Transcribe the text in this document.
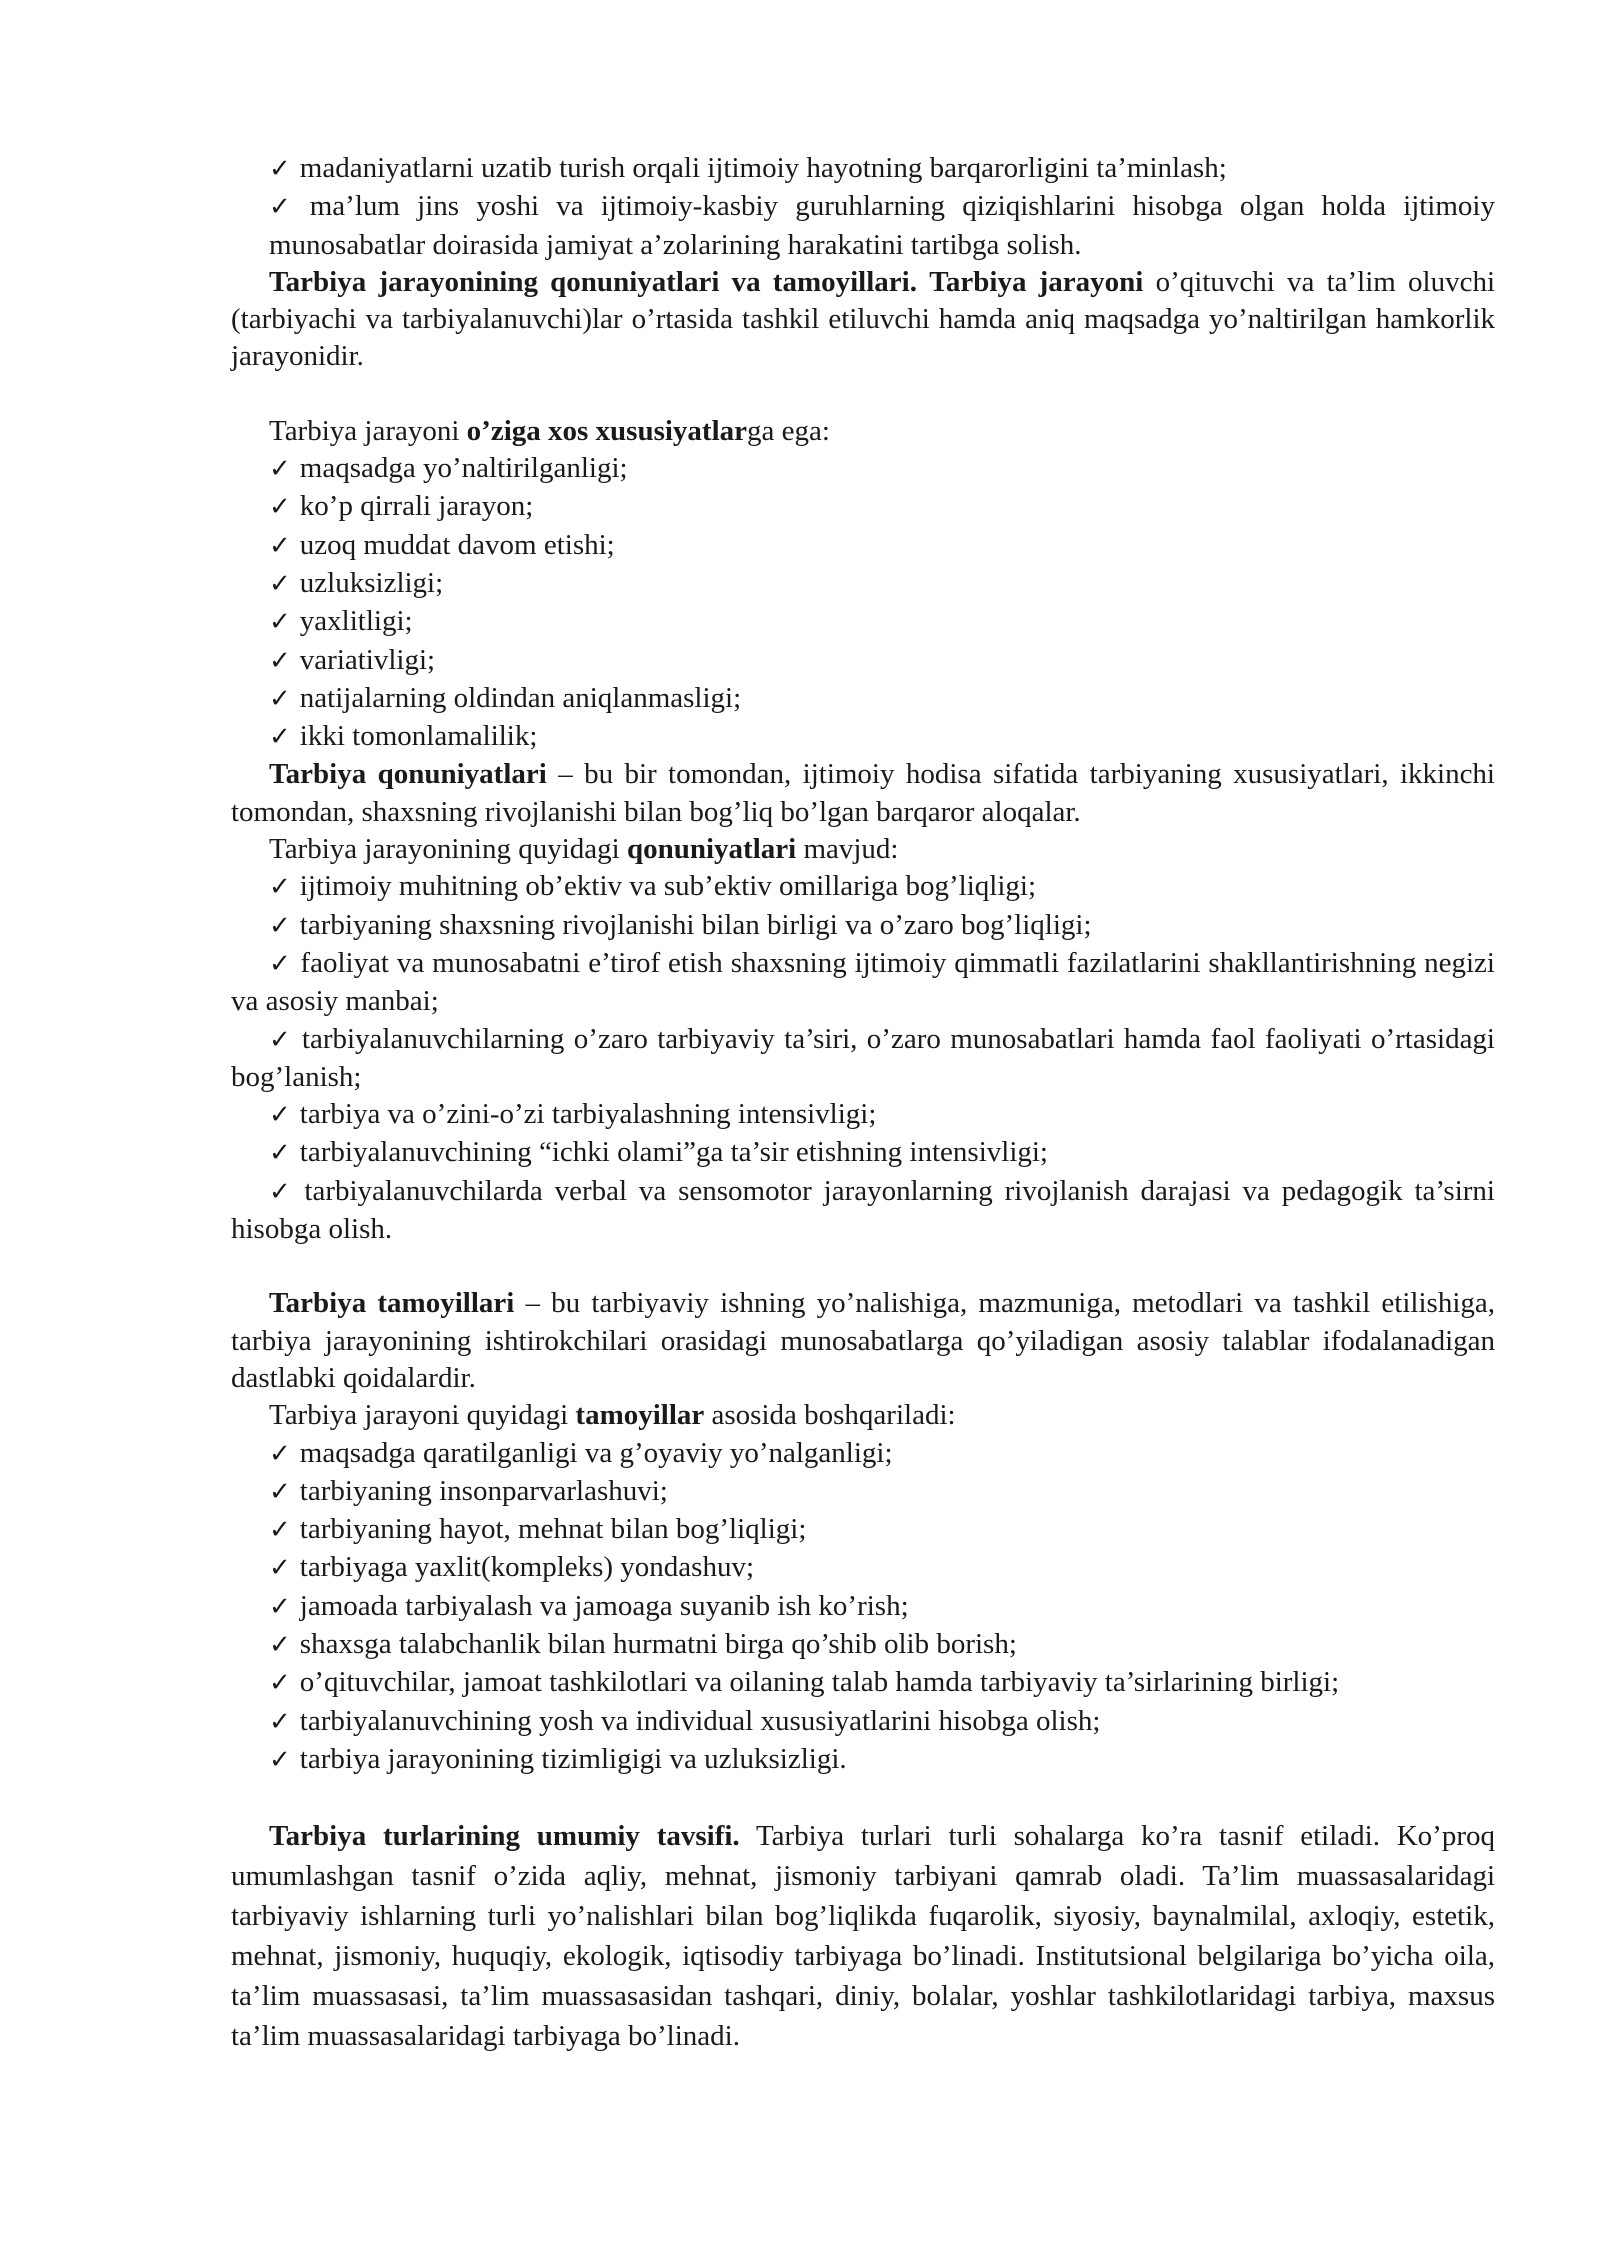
✓ madaniyatlarni uzatib turish orqali ijtimoiy hayotning barqarorligini ta’minlash;

✓ ma’lum jins yoshi va ijtimoiy-kasbiy guruhlarning qiziqishlarini hisobga olgan holda ijtimoiy munosabatlar doirasida jamiyat a’zolarining harakatini tartibga solish.

Tarbiya jarayonining qonuniyatlari va tamoyillari. Tarbiya jarayoni o’qituvchi va ta’lim oluvchi (tarbiyachi va tarbiyalanuvchi)lar o’rtasida tashkil etiluvchi hamda aniq maqsadga yo’naltirilgan hamkorlik jarayonidir.

Tarbiya jarayoni o’ziga xos xususiyatlarga ega:

✓ maqsadga yo’naltirilganligi;

✓ ko’p qirrali jarayon;

✓ uzoq muddat davom etishi;

✓ uzluksizligi;

✓ yaxlitligi;

✓ variativligi;

✓ natijalarning oldindan aniqlanmasligi;

✓ ikki tomonlamalilik;

Tarbiya qonuniyatlari – bu bir tomondan, ijtimoiy hodisa sifatida tarbiyaning xususiyatlari, ikkinchi tomondan, shaxsning rivojlanishi bilan bog’liq bo’lgan barqaror aloqalar.

Tarbiya jarayonining quyidagi qonuniyatlari mavjud:

✓ ijtimoiy muhitning ob’ektiv va sub’ektiv omillariga bog’liqligi;

✓ tarbiyaning shaxsning rivojlanishi bilan birligi va o’zaro bog’liqligi;

✓ faoliyat va munosabatni e’tirof etish shaxsning ijtimoiy qimmatli fazilatlarini shakllantirishning negizi va asosiy manbai;

✓ tarbiyalanuvchilarning o’zaro tarbiyaviy ta’siri, o’zaro munosabatlari hamda faol faoliyati o’rtasidagi bog’lanish;

✓ tarbiya va o’zini-o’zi tarbiyalashning intensivligi;

✓ tarbiyalanuvchining “ichki olami”ga ta’sir etishning intensivligi;

✓ tarbiyalanuvchilarda verbal va sensomotor jarayonlarning rivojlanish darajasi va pedagogik ta’sirni hisobga olish.

Tarbiya tamoyillari – bu tarbiyaviy ishning yo’nalishiga, mazmuniga, metodlari va tashkil etilishiga, tarbiya jarayonining ishtirokchilari orasidagi munosabatlarga qo’yiladigan asosiy talablar ifodalanadigan dastlabki qoidalardir.

Tarbiya jarayoni quyidagi tamoyillar asosida boshqariladi:

✓ maqsadga qaratilganligi va g’oyaviy yo’nalganligi;

✓ tarbiyaning insonparvarlashuvi;

✓ tarbiyaning hayot, mehnat bilan bog’liqligi;

✓ tarbiyaga yaxlit(kompleks) yondashuv;

✓ jamoada tarbiyalash va jamoaga suyanib ish ko’rish;

✓ shaxsga talabchanlik bilan hurmatni birga qo’shib olib borish;

✓ o’qituvchilar, jamoat tashkilotlari va oilaning talab hamda tarbiyaviy ta’sirlarining birligi;

✓ tarbiyalanuvchining yosh va individual xususiyatlarini hisobga olish;

✓ tarbiya jarayonining tizimligigi va uzluksizligi.

Tarbiya turlarining umumiy tavsifi. Tarbiya turlari turli sohalarga ko’ra tasnif etiladi. Ko’proq umumlashgan tasnif o’zida aqliy, mehnat, jismoniy tarbiyani qamrab oladi. Ta’lim muassasalaridagi tarbiyaviy ishlarning turli yo’nalishlari bilan bog’liqlikda fuqarolik, siyosiy, baynalmilal, axloqiy, estetik, mehnat, jismoniy, huquqiy, ekologik, iqtisodiy tarbiyaga bo’linadi. Institutsional belgilariga bo’yicha oila, ta’lim muassasasi, ta’lim muassasasidan tashqari, diniy, bolalar, yoshlar tashkilotlaridagi tarbiya, maxsus ta’lim muassasalaridagi tarbiyaga bo’linadi.
